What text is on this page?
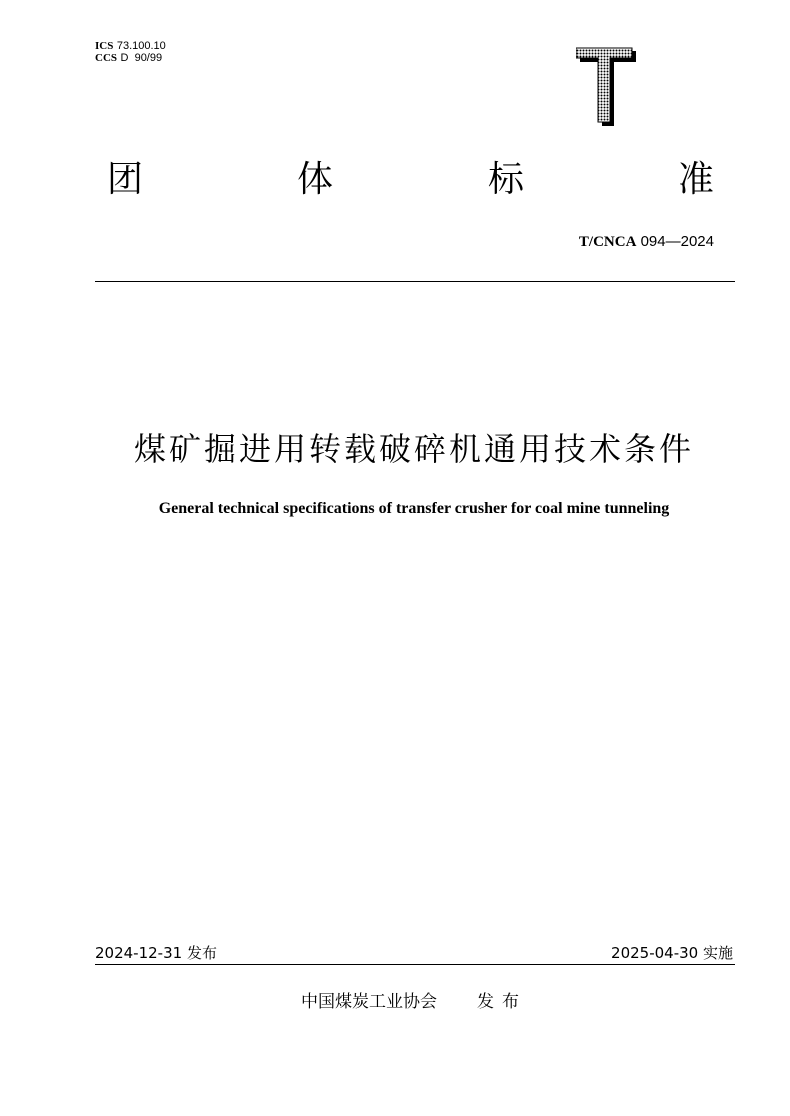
ICS 73.100.10
CCS D  90/99
团	体	标	准
T/CNCA 094—2024
煤矿掘进用转载破碎机通用技术条件
General technical specifications of transfer crusher for coal mine tunneling
2024-12-31 发布	2025-04-30 实施
中国煤炭工业协会 发布
